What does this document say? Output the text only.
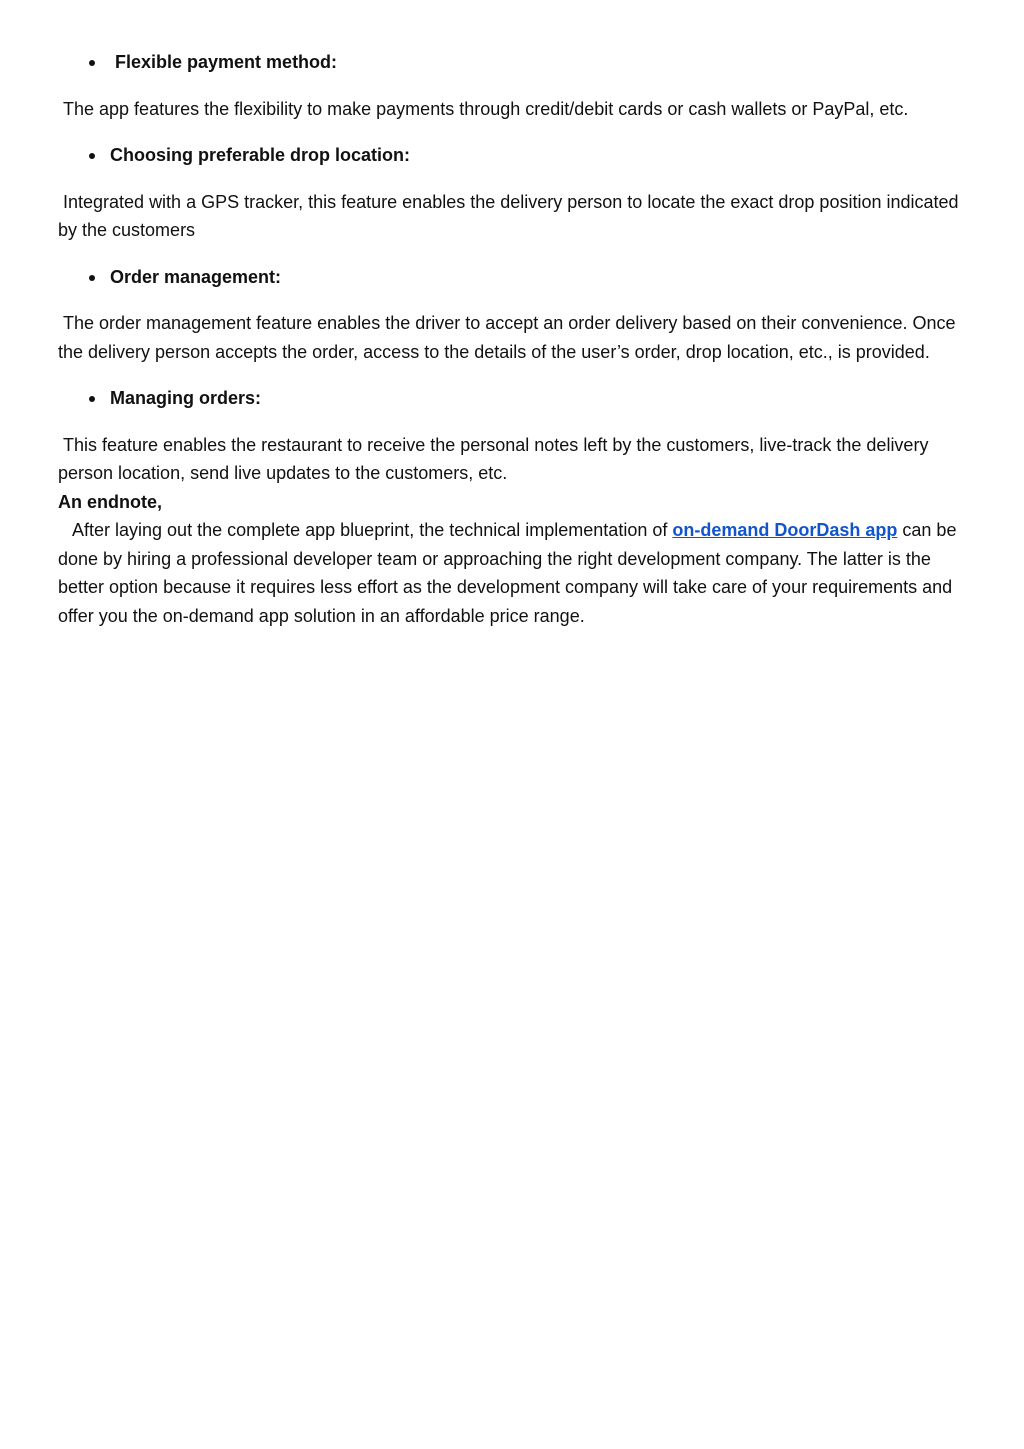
Flexible payment method:

The app features the flexibility to make payments through credit/debit cards or cash wallets or PayPal, etc.

Choosing preferable drop location:

Integrated with a GPS tracker, this feature enables the delivery person to locate the exact drop position indicated by the customers

Order management:

The order management feature enables the driver to accept an order delivery based on their convenience. Once the delivery person accepts the order, access to the details of the user’s order, drop location, etc., is provided.

Managing orders:

This feature enables the restaurant to receive the personal notes left by the customers, live-track the delivery person location, send live updates to the customers, etc.

An endnote,

After laying out the complete app blueprint, the technical implementation of on-demand DoorDash app can be done by hiring a professional developer team or approaching the right development company. The latter is the better option because it requires less effort as the development company will take care of your requirements and offer you the on-demand app solution in an affordable price range.
